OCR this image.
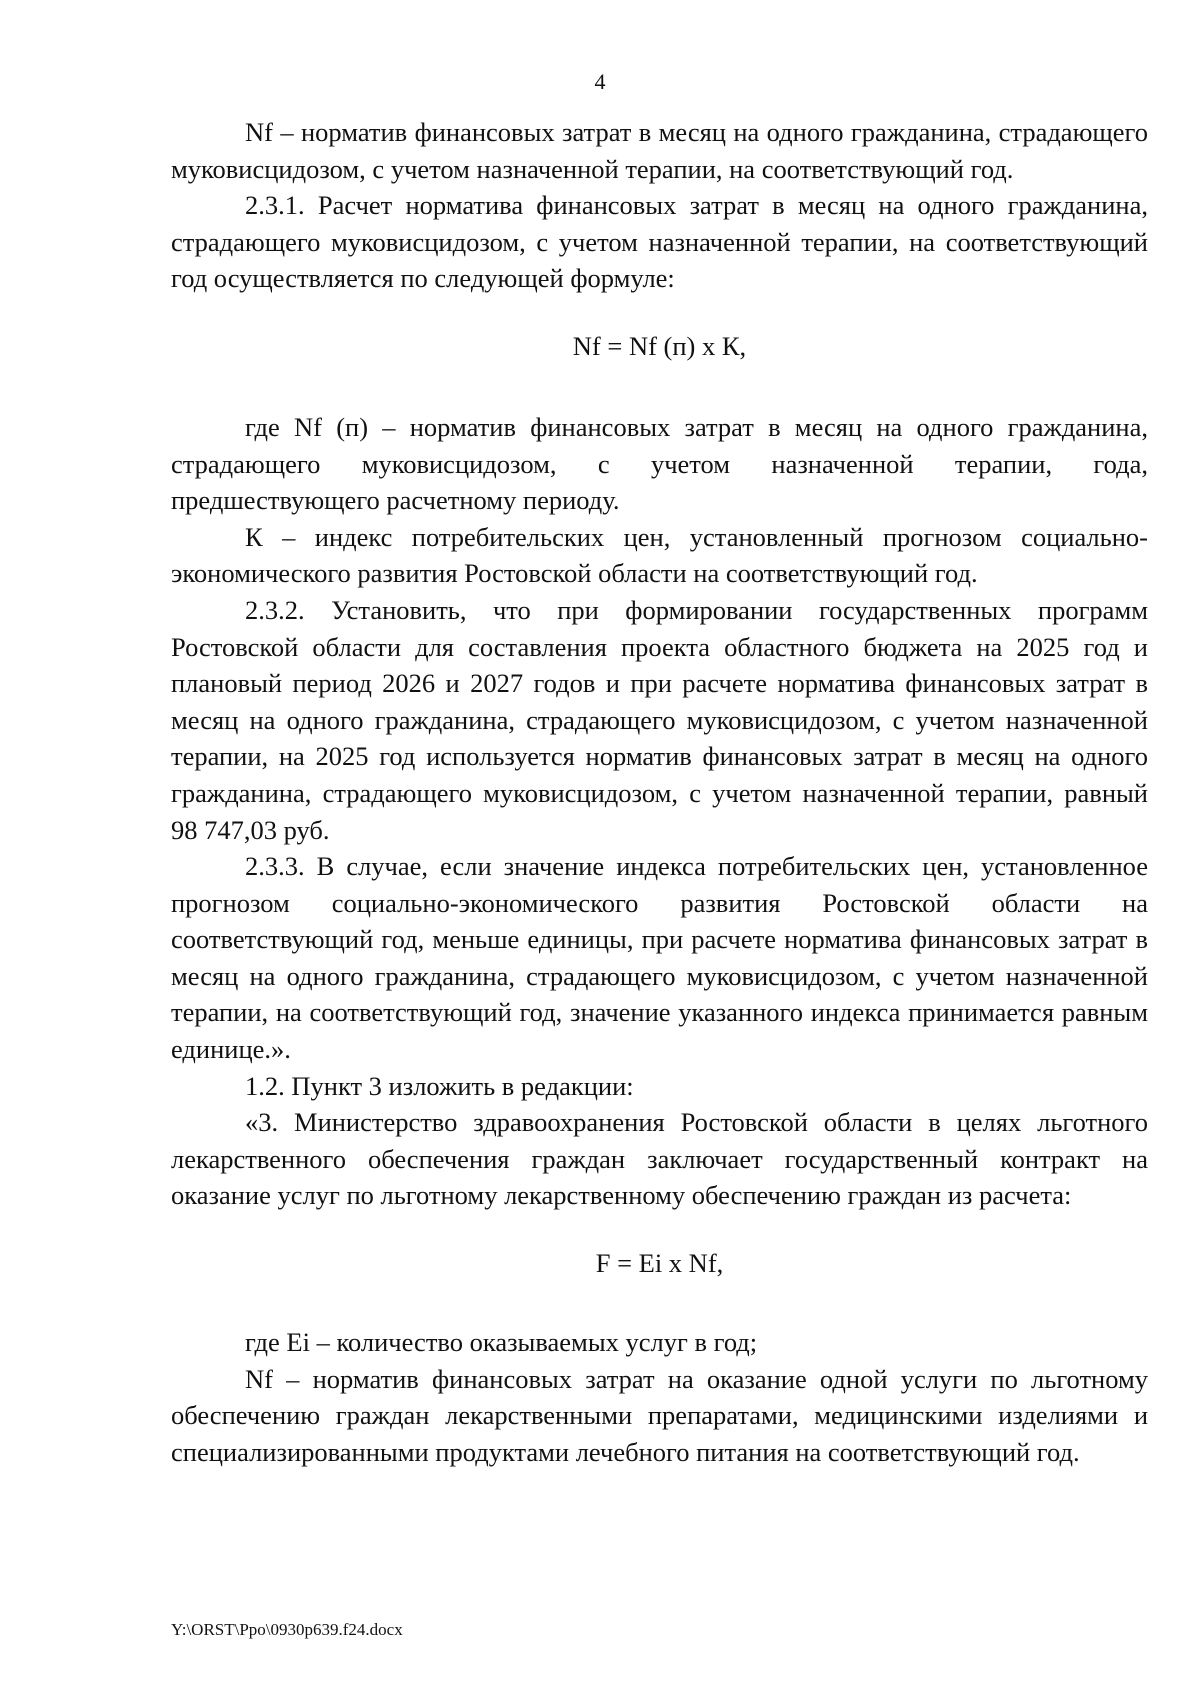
4

Nf – норматив финансовых затрат в месяц на одного гражданина, страдающего муковисцидозом, с учетом назначенной терапии, на соответствующий год.

2.3.1. Расчет норматива финансовых затрат в месяц на одного гражданина, страдающего муковисцидозом, с учетом назначенной терапии, на соответствующий год осуществляется по следующей формуле:

Nf = Nf (п) x К,

где Nf (п) – норматив финансовых затрат в месяц на одного гражданина, страдающего муковисцидозом, с учетом назначенной терапии, года, предшествующего расчетному периоду.

К – индекс потребительских цен, установленный прогнозом социально-экономического развития Ростовской области на соответствующий год.

2.3.2. Установить, что при формировании государственных программ Ростовской области для составления проекта областного бюджета на 2025 год и плановый период 2026 и 2027 годов и при расчете норматива финансовых затрат в месяц на одного гражданина, страдающего муковисцидозом, с учетом назначенной терапии, на 2025 год используется норматив финансовых затрат в месяц на одного гражданина, страдающего муковисцидозом, с учетом назначенной терапии, равный 98 747,03 руб.

2.3.3. В случае, если значение индекса потребительских цен, установленное прогнозом социально-экономического развития Ростовской области на соответствующий год, меньше единицы, при расчете норматива финансовых затрат в месяц на одного гражданина, страдающего муковисцидозом, с учетом назначенной терапии, на соответствующий год, значение указанного индекса принимается равным единице.».

1.2. Пункт 3 изложить в редакции:

«3. Министерство здравоохранения Ростовской области в целях льготного лекарственного обеспечения граждан заключает государственный контракт на оказание услуг по льготному лекарственному обеспечению граждан из расчета:

F = Ei x Nf,

где Ei – количество оказываемых услуг в год;

Nf – норматив финансовых затрат на оказание одной услуги по льготному обеспечению граждан лекарственными препаратами, медицинскими изделиями и специализированными продуктами лечебного питания на соответствующий год.

Y:\ORST\Ppo\0930p639.f24.docx
